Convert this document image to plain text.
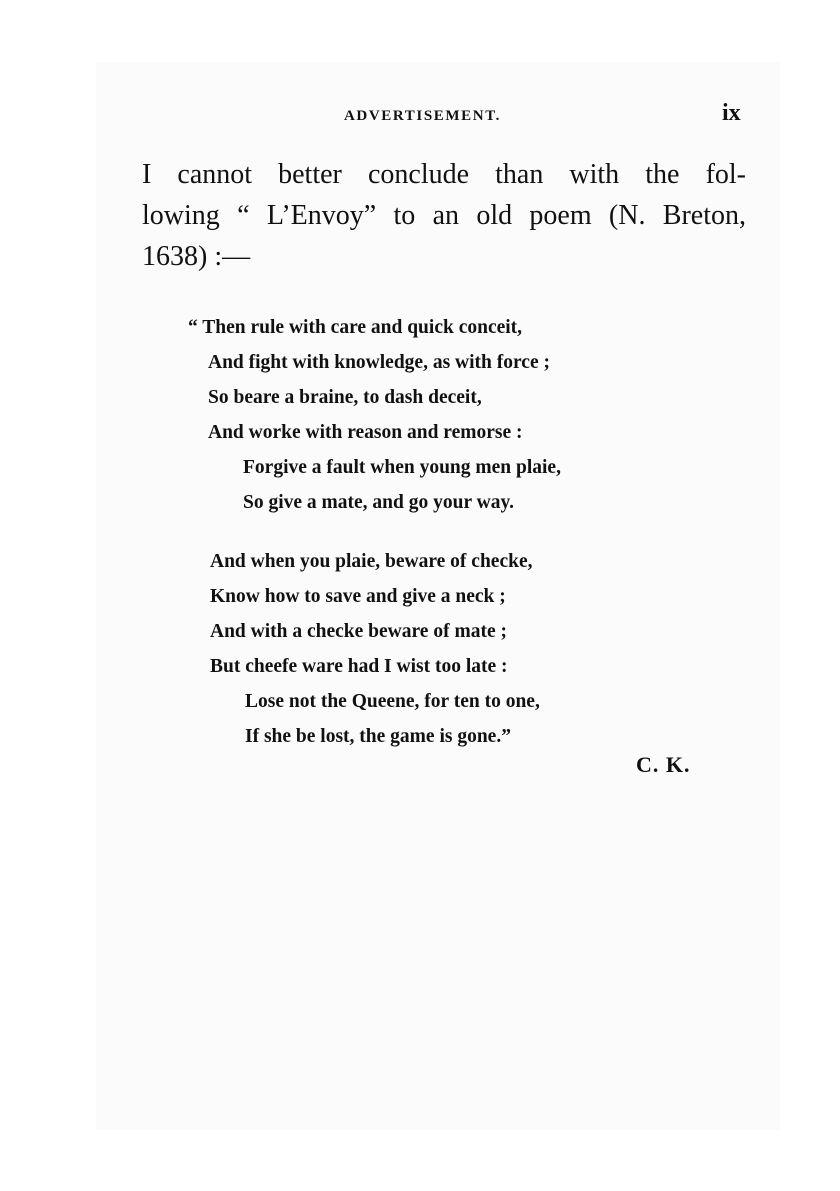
ADVERTISEMENT.	ix
I cannot better conclude than with the fol-
lowing “ L’Envoy” to an old poem (N. Breton,
1638) :—
“ Then rule with care and quick conceit,
And fight with knowledge, as with force ;
So beare a braine, to dash deceit,
And worke with reason and remorse :
Forgive a fault when young men plaie,
So give a mate, and go your way.
And when you plaie, beware of checke,
Know how to save and give a neck ;
And with a checke beware of mate ;
But cheefe ware had I wist too late :
Lose not the Queene, for ten to one,
If she be lost, the game is gone.”
C. K.
